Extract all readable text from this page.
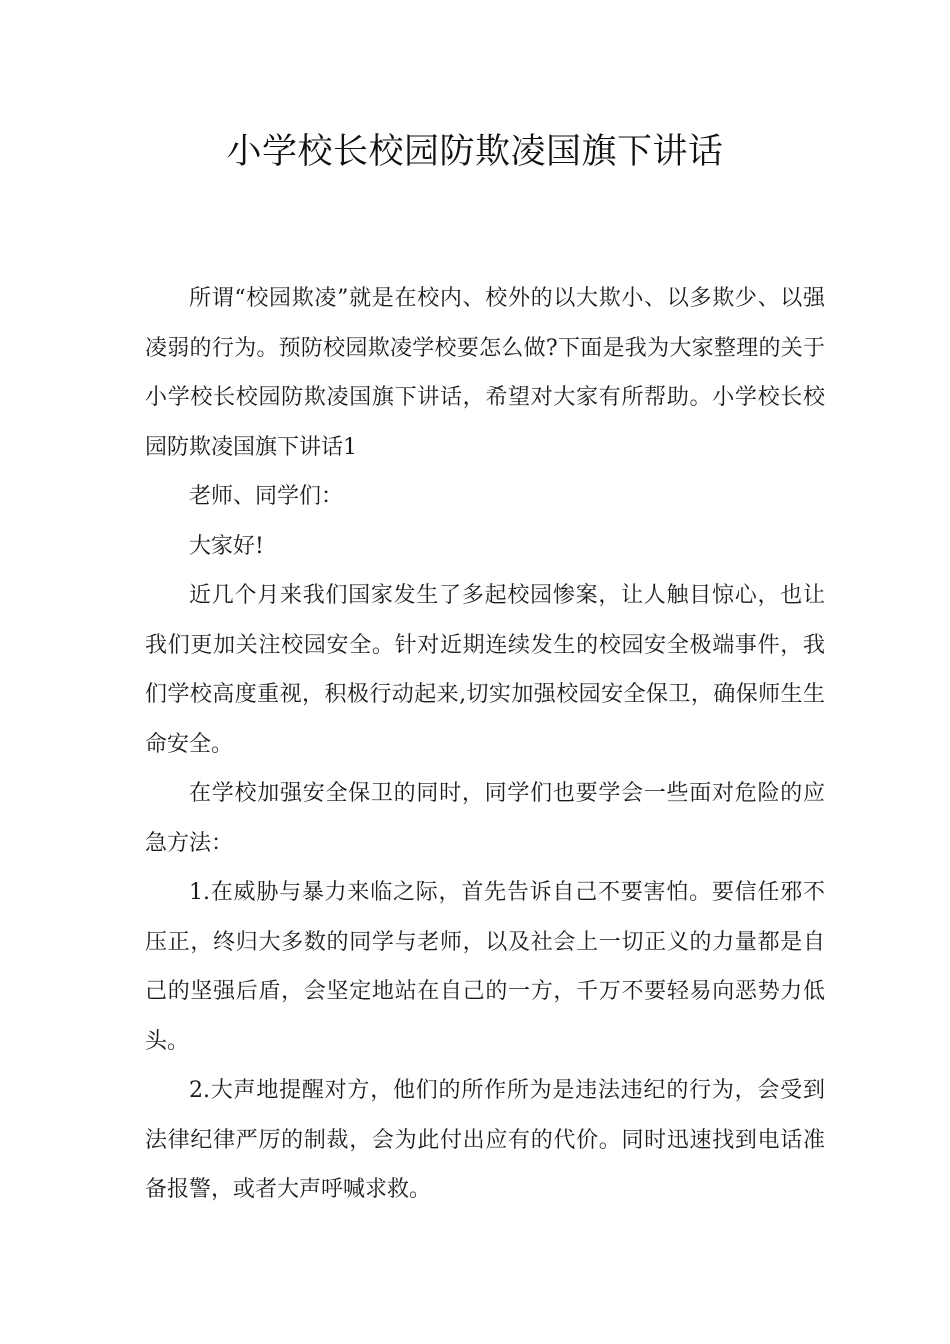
小学校长校园防欺凌国旗下讲话

所谓“校园欺凌”就是在校内、校外的以大欺小、以多欺少、以强凌弱的行为。预防校园欺凌学校要怎么做?下面是我为大家整理的关于小学校长校园防欺凌国旗下讲话，希望对大家有所帮助。小学校长校园防欺凌国旗下讲话1

老师、同学们：

大家好!

近几个月来我们国家发生了多起校园惨案，让人触目惊心，也让我们更加关注校园安全。针对近期连续发生的校园安全极端事件，我们学校高度重视，积极行动起来,切实加强校园安全保卫，确保师生生命安全。

在学校加强安全保卫的同时，同学们也要学会一些面对危险的应急方法：

1.在威胁与暴力来临之际，首先告诉自己不要害怕。要信任邪不压正，终归大多数的同学与老师，以及社会上一切正义的力量都是自己的坚强后盾，会坚定地站在自己的一方，千万不要轻易向恶势力低头。

2.大声地提醒对方，他们的所作所为是违法违纪的行为，会受到法律纪律严厉的制裁，会为此付出应有的代价。同时迅速找到电话准备报警，或者大声呼喊求救。
